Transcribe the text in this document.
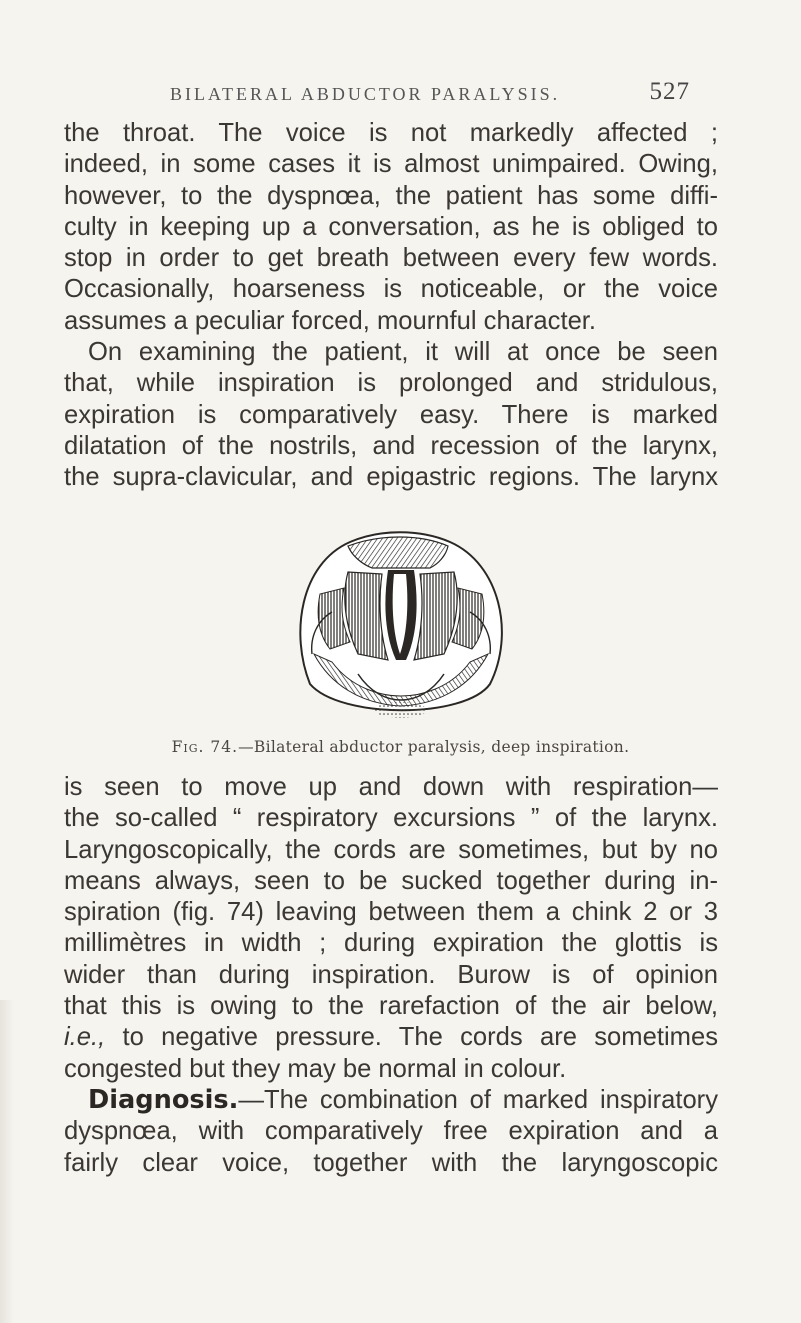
BILATERAL ABDUCTOR PARALYSIS.	527
the throat. The voice is not markedly affected ;
indeed, in some cases it is almost unimpaired. Owing,
however, to the dyspnœa, the patient has some diffi-
culty in keeping up a conversation, as he is obliged to
stop in order to get breath between every few words.
Occasionally, hoarseness is noticeable, or the voice
assumes a peculiar forced, mournful character.
On examining the patient, it will at once be seen
that, while inspiration is prolonged and stridulous,
expiration is comparatively easy. There is marked
dilatation of the nostrils, and recession of the larynx,
the supra-clavicular, and epigastric regions. The larynx
Fig. 74.—Bilateral abductor paralysis, deep inspiration.
is seen to move up and down with respiration—
the so-called “ respiratory excursions ” of the larynx.
Laryngoscopically, the cords are sometimes, but by no
means always, seen to be sucked together during in-
spiration (fig. 74) leaving between them a chink 2 or 3
millimètres in width ; during expiration the glottis is
wider than during inspiration. Burow is of opinion
that this is owing to the rarefaction of the air below,
i.e., to negative pressure. The cords are sometimes
congested but they may be normal in colour.
Diagnosis.—The combination of marked inspiratory
dyspnœa, with comparatively free expiration and a
fairly clear voice, together with the laryngoscopic
